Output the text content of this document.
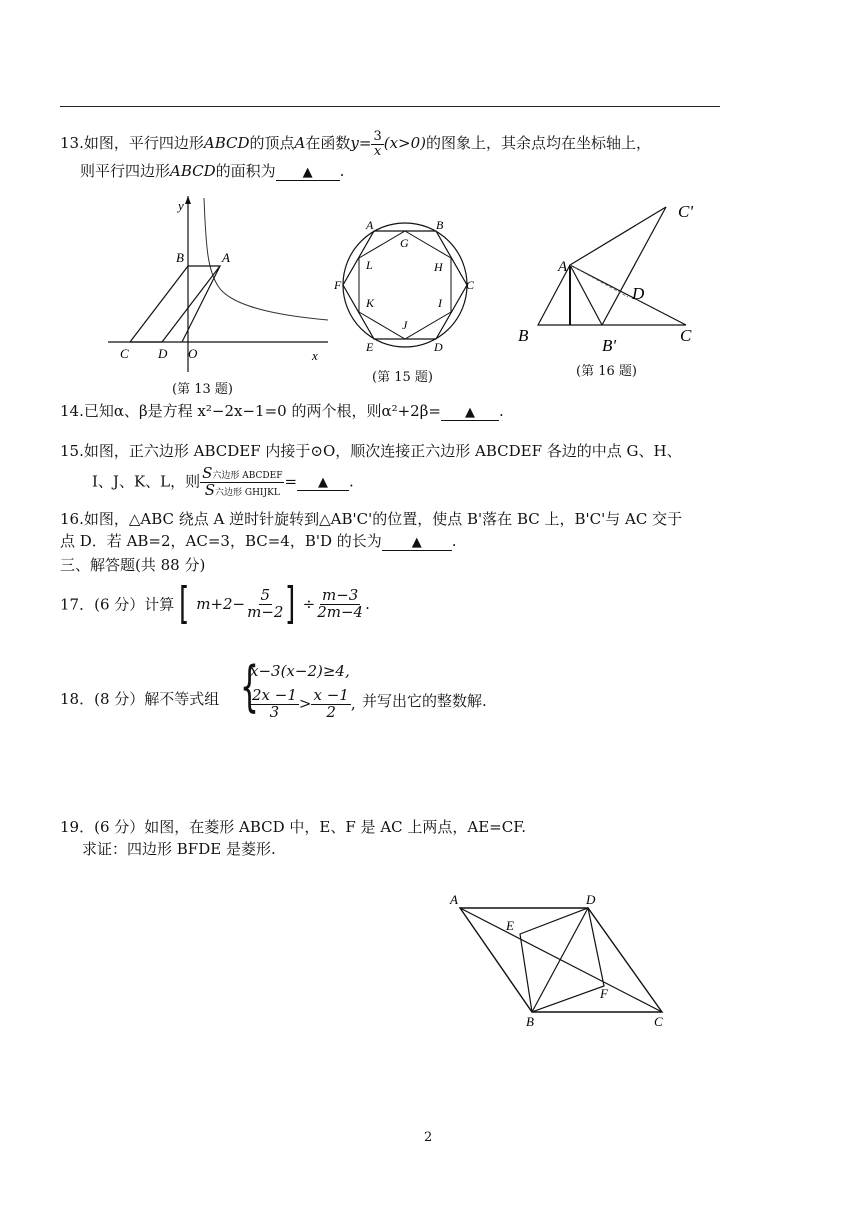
13.如图，平行四边形ABCD的顶点A在函数$y= \frac{3}{x} (x>0)$的图象上，其余点均在坐标轴上，
则平行四边形ABCD的面积为 ▲ .
y
x
B	A
C D O
(第 13 题)
A	B
C
D
E
F
G
H
I
J
K
L
(第 15 题)
C'
A
D
B	C
B'
(第 16 题)
14.已知α、β是方程 x²−2x−1=0 的两个根，则α²+2β= ▲ .
15.如图，正六边形 ABCDEF 内接于⊙O，顺次连接正六边形 ABCDEF 各边的中点 G、H、
I、J、K、L，则 $\frac{\text{S六边形 ABCDEF}}{\text{S六边形 GHIJKL}}$ = ▲ .
16.如图，△ABC 绕点 A 逆时针旋转到△AB'C'的位置，使点 B'落在 BC 上，B'C'与 AC 交于
点 D．若 AB=2，AC=3，BC=4，B'D 的长为 ▲ .
三、解答题(共 88 分)
17．(6 分）计算 [ $m+2- \frac{5}{m-2}$ ] ÷ $\frac{m-3}{2m-4}$ .
18．(8 分）解不等式组 {
x−3(x−2)≥4,
$\frac{2x -1}{3} > \frac{x -1}{2}$ , 并写出它的整数解.
19．(6 分）如图，在菱形 ABCD 中，E、F 是 AC 上两点，AE=CF.
求证：四边形 BFDE 是菱形.
A	D
E
F
B	C
2
